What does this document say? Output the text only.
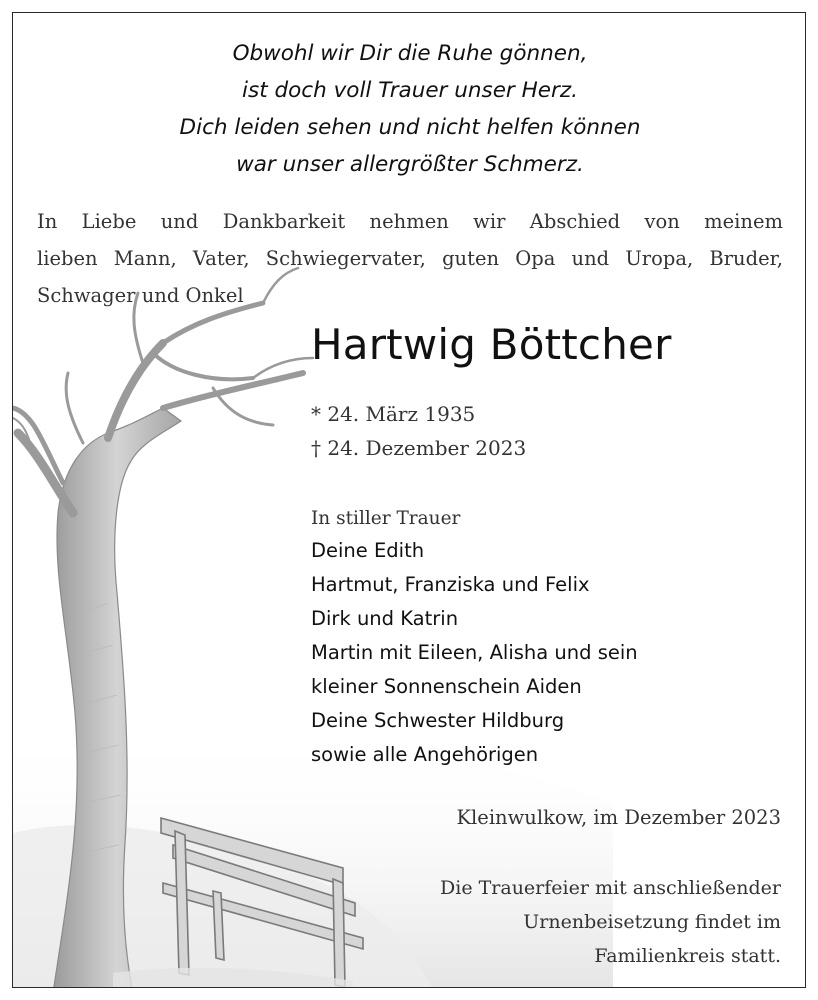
Obwohl wir Dir die Ruhe gönnen,
ist doch voll Trauer unser Herz.
Dich leiden sehen und nicht helfen können
war unser allergrößter Schmerz.
In Liebe und Dankbarkeit nehmen wir Abschied von meinem
lieben Mann, Vater, Schwiegervater, guten Opa und Uropa, Bruder,
Schwager und Onkel
Hartwig Böttcher
* 24. März 1935
† 24. Dezember 2023
In stiller Trauer
Deine Edith
Hartmut, Franziska und Felix
Dirk und Katrin
Martin mit Eileen, Alisha und sein
kleiner Sonnenschein Aiden
Deine Schwester Hildburg
sowie alle Angehörigen
Kleinwulkow, im Dezember 2023
Die Trauerfeier mit anschließender
Urnenbeisetzung findet im
Familienkreis statt.
